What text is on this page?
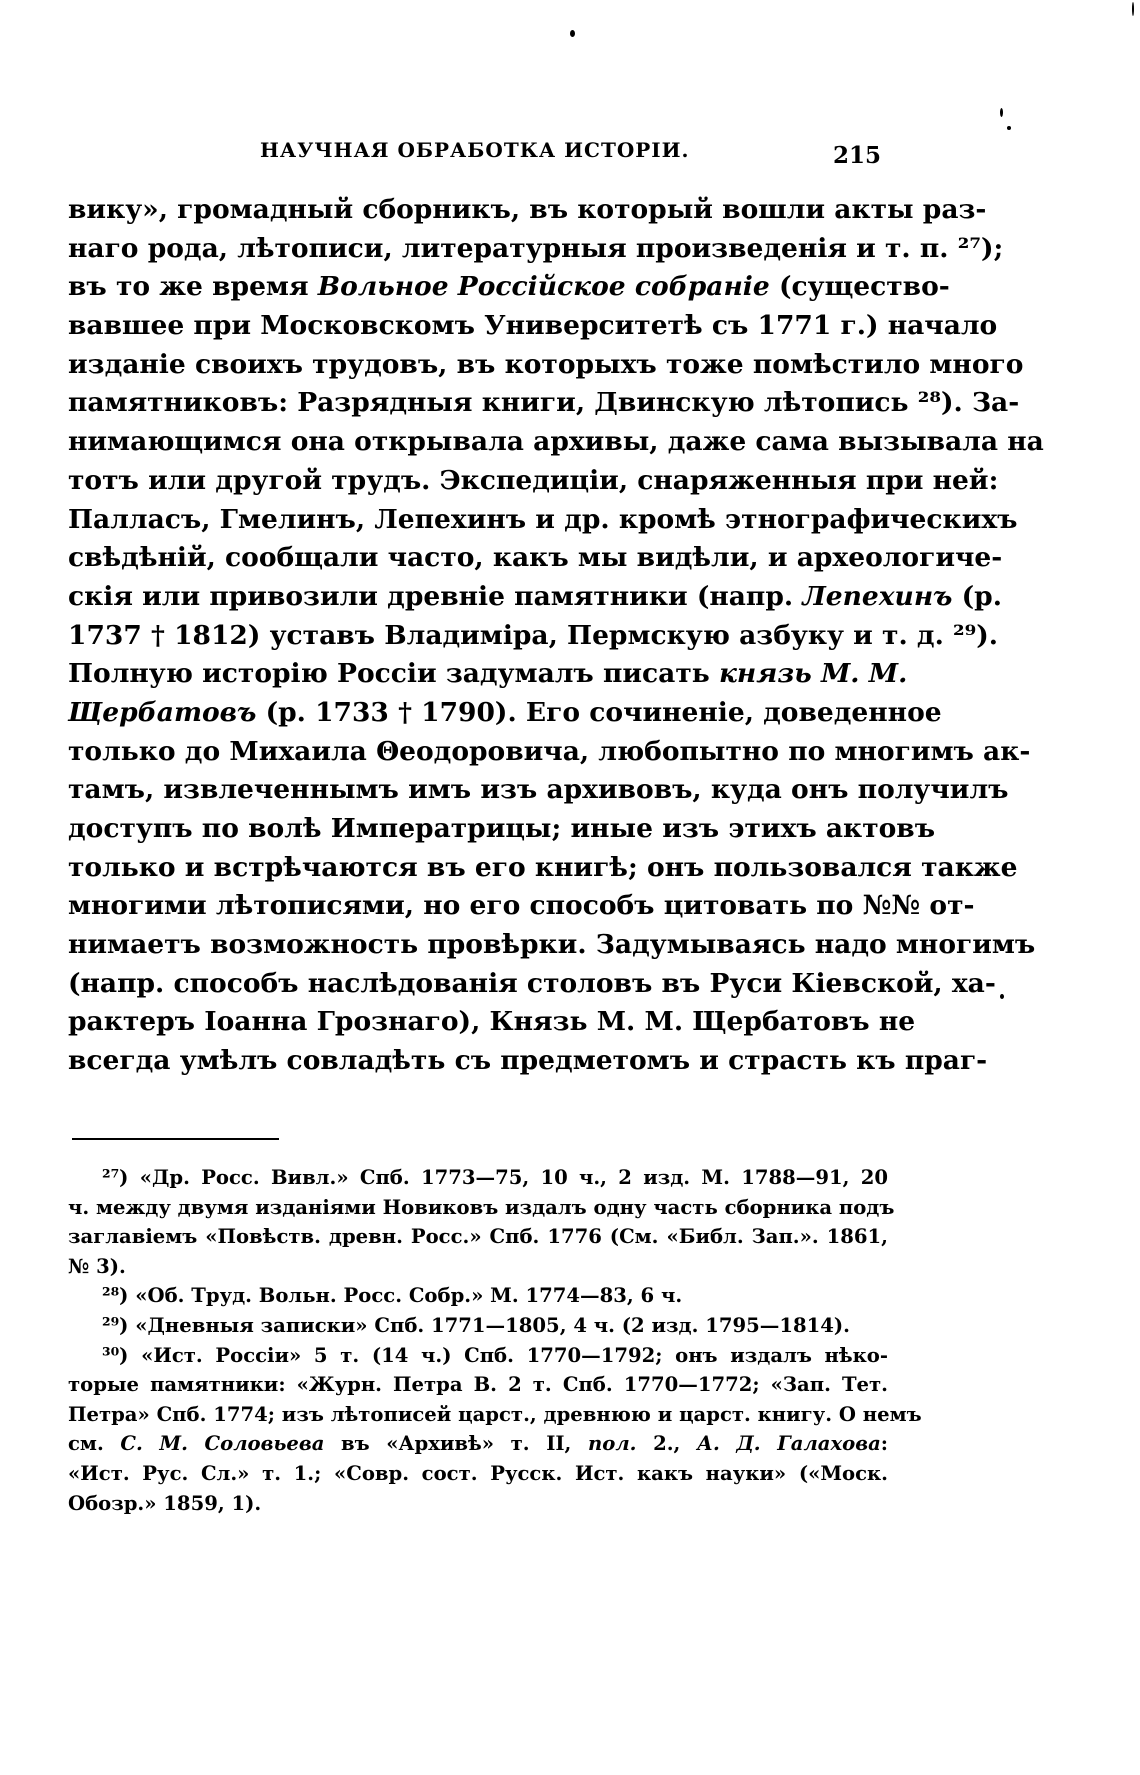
НАУЧНАЯ ОБРАБОТКА ИСТОРІИ.	215
вику», громадный сборникъ, въ который вошли акты раз-
наго рода, лѣтописи, литературныя произведенія и т. п. ²⁷);
въ то же время Вольное Россійское собраніе (существо-
вавшее при Московскомъ Университетѣ съ 1771 г.) начало
изданіе своихъ трудовъ, въ которыхъ тоже помѣстило много
памятниковъ: Разрядныя книги, Двинскую лѣтопись ²⁸). За-
нимающимся она открывала архивы, даже сама вызывала на
тотъ или другой трудъ. Экспедиціи, снаряженныя при ней:
Палласъ, Гмелинъ, Лепехинъ и др. кромѣ этнографическихъ
свѣдѣній, сообщали часто, какъ мы видѣли, и археологиче-
скія или привозили древніе памятники (напр. Лепехинъ (р.
1737 † 1812) уставъ Владиміра, Пермскую азбуку и т. д. ²⁹).
Полную исторію Россіи задумалъ писать князь М. М.
Щербатовъ (р. 1733 † 1790). Его сочиненіе, доведенное
только до Михаила Θеодоровича, любопытно по многимъ ак-
тамъ, извлеченнымъ имъ изъ архивовъ, куда онъ получилъ
доступъ по волѣ Императрицы; иные изъ этихъ актовъ
только и встрѣчаются въ его книгѣ; онъ пользовался также
многими лѣтописями, но его способъ цитовать по №№ от-
нимаетъ возможность провѣрки. Задумываясь надо многимъ
(напр. способъ наслѣдованія столовъ въ Руси Кіевской, ха-
рактеръ Іоанна Грознаго), Князь М. М. Щербатовъ не
всегда умѣлъ совладѣть съ предметомъ и страсть къ праг-
²⁷) «Др. Росс. Вивл.» Спб. 1773—75, 10 ч., 2 изд. М. 1788—91, 20
ч. между двумя изданіями Новиковъ издалъ одну часть сборника подъ
заглавіемъ «Повѣств. древн. Росс.» Спб. 1776 (См. «Библ. Зап.». 1861,
№ 3).
²⁸) «Об. Труд. Вольн. Росс. Собр.» М. 1774—83, 6 ч.
²⁹) «Дневныя записки» Спб. 1771—1805, 4 ч. (2 изд. 1795—1814).
³⁰) «Ист. Россіи» 5 т. (14 ч.) Спб. 1770—1792; онъ издалъ нѣко-
торые памятники: «Журн. Петра В. 2 т. Спб. 1770—1772; «Зап. Тет.
Петра» Спб. 1774; изъ лѣтописей царст., древнюю и царст. книгу. О немъ
см. С. М. Соловьева въ «Архивѣ» т. II, пол. 2., А. Д. Галахова:
«Ист. Рус. Сл.» т. 1.; «Совр. сост. Русск. Ист. какъ науки» («Моск.
Обозр.» 1859, 1).
